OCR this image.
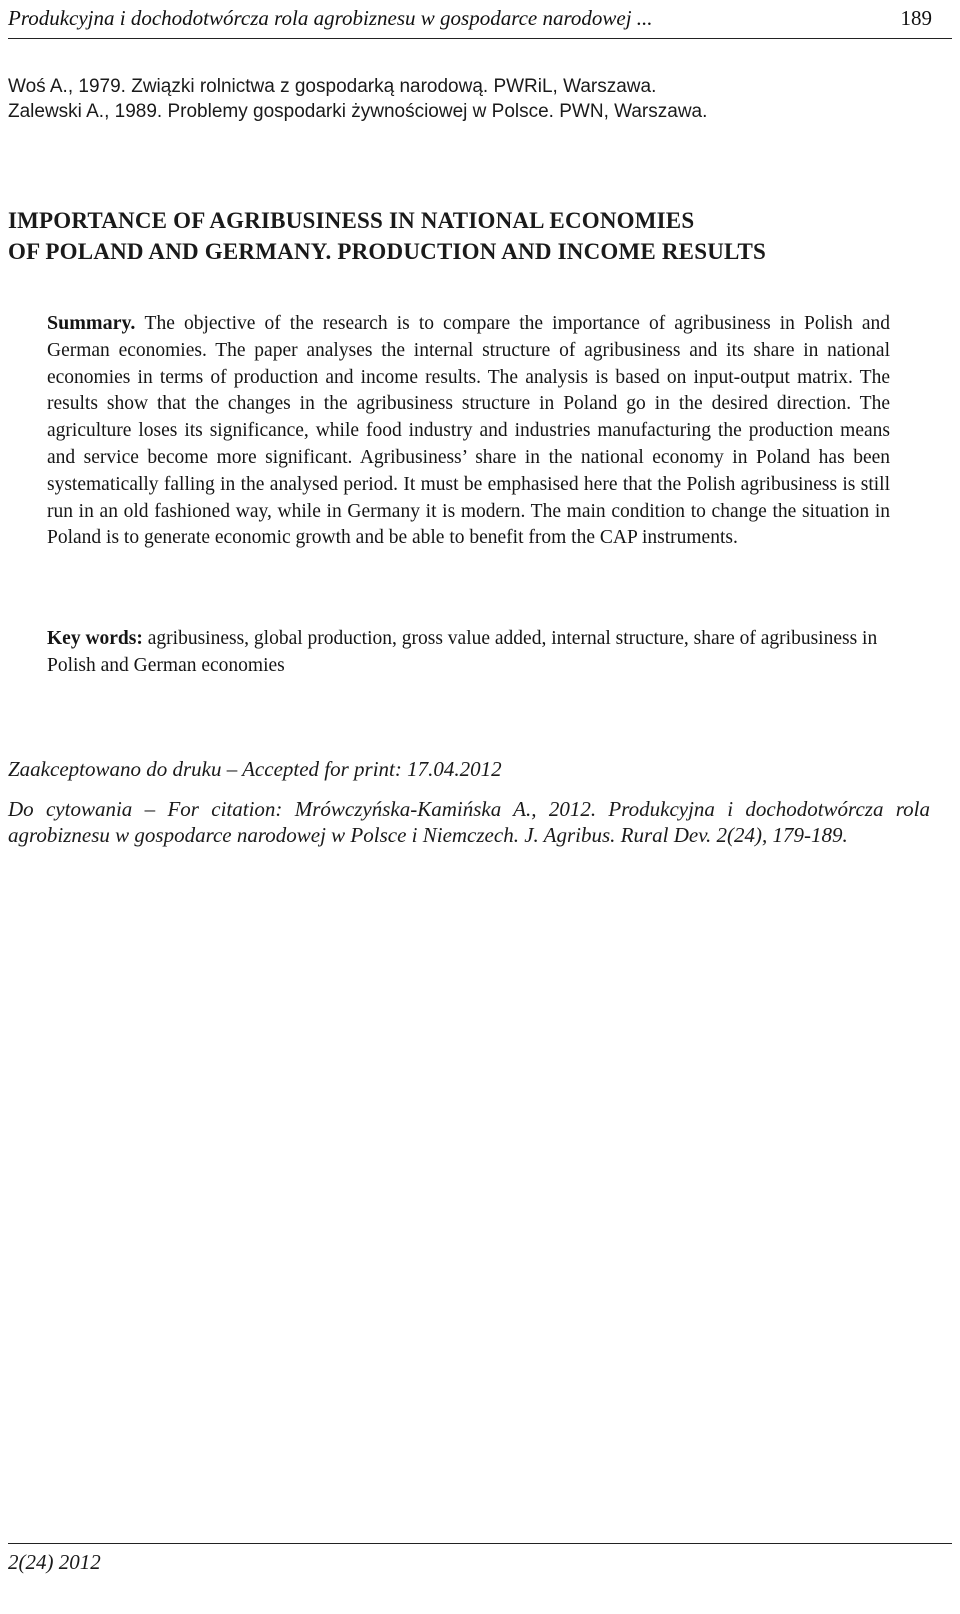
Produkcyjna i dochodotwórcza rola agrobiznesu w gospodarce narodowej ...	189
Woś A., 1979. Związki rolnictwa z gospodarką narodową. PWRiL, Warszawa.
Zalewski A., 1989. Problemy gospodarki żywnościowej w Polsce. PWN, Warszawa.
IMPORTANCE OF AGRIBUSINESS IN NATIONAL ECONOMIES
OF POLAND AND GERMANY. PRODUCTION AND INCOME RESULTS
Summary. The objective of the research is to compare the importance of agribusiness in Polish and German economies. The paper analyses the internal structure of agribusiness and its share in national economies in terms of production and income results. The analysis is based on input-output matrix. The results show that the changes in the agribusiness structure in Poland go in the desired direction. The agriculture loses its significance, while food industry and industries manufacturing the production means and service become more significant. Agribusiness’ share in the national economy in Poland has been systematically falling in the analysed period. It must be emphasised here that the Polish agribusiness is still run in an old fashioned way, while in Germany it is modern. The main condition to change the situation in Poland is to generate economic growth and be able to benefit from the CAP instruments.
Key words: agribusiness, global production, gross value added, internal structure, share of agribusiness in Polish and German economies
Zaakceptowano do druku – Accepted for print: 17.04.2012
Do cytowania – For citation: Mrówczyńska-Kamińska A., 2012. Produkcyjna i dochodotwórcza rola agrobiznesu w gospodarce narodowej w Polsce i Niemczech. J. Agribus. Rural Dev. 2(24), 179-189.
2(24) 2012
